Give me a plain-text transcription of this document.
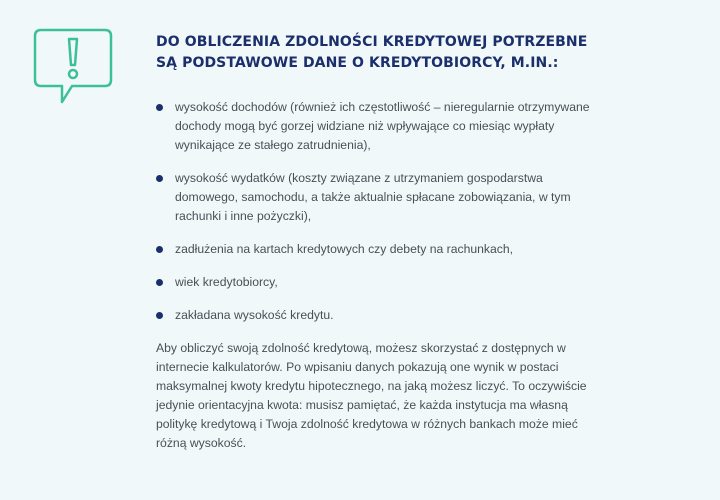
DO OBLICZENIA ZDOLNOŚCI KREDYTOWEJ POTRZEBNE
SĄ PODSTAWOWE DANE O KREDYTOBIORCY, M.IN.:
wysokość dochodów (również ich częstotliwość – nieregularnie otrzymywane dochody mogą być gorzej widziane niż wpływające co miesiąc wypłaty wynikające ze stałego zatrudnienia),
wysokość wydatków (koszty związane z utrzymaniem gospodarstwa domowego, samochodu, a także aktualnie spłacane zobowiązania, w tym rachunki i inne pożyczki),
zadłużenia na kartach kredytowych czy debety na rachunkach,
wiek kredytobiorcy,
zakładana wysokość kredytu.

Aby obliczyć swoją zdolność kredytową, możesz skorzystać z dostępnych w internecie kalkulatorów. Po wpisaniu danych pokazują one wynik w postaci maksymalnej kwoty kredytu hipotecznego, na jaką możesz liczyć. To oczywiście jedynie orientacyjna kwota: musisz pamiętać, że każda instytucja ma własną politykę kredytową i Twoja zdolność kredytowa w różnych bankach może mieć różną wysokość.
